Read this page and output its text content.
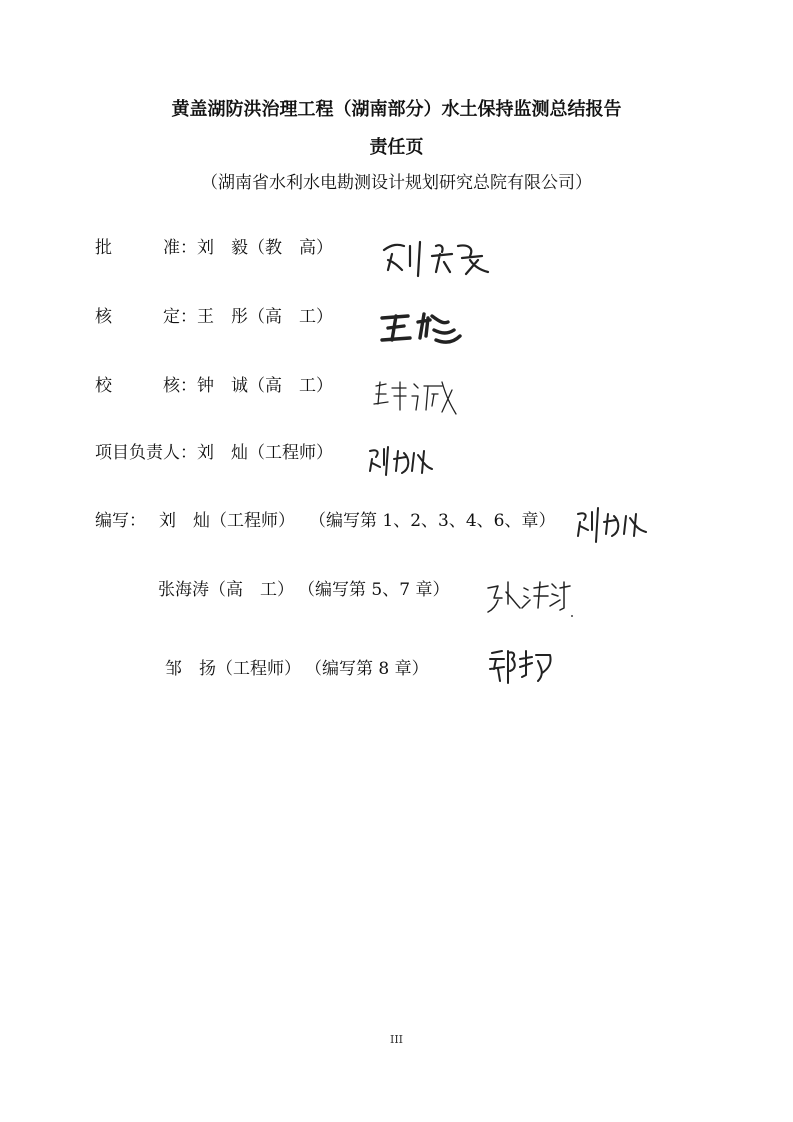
黄盖湖防洪治理工程（湖南部分）水土保持监测总结报告
责任页
（湖南省水利水电勘测设计规划研究总院有限公司）
批　　　准：刘　毅（教　高）
核　　　定：王　彤（高　工）
校　　　核：钟　诚（高　工）
项目负责人：刘　灿（工程师）
编写： 刘　灿（工程师） （编写第 1、2、3、4、6、章）
张海涛（高　工） （编写第 5、7 章）
邹　扬（工程师） （编写第 8 章）
III
